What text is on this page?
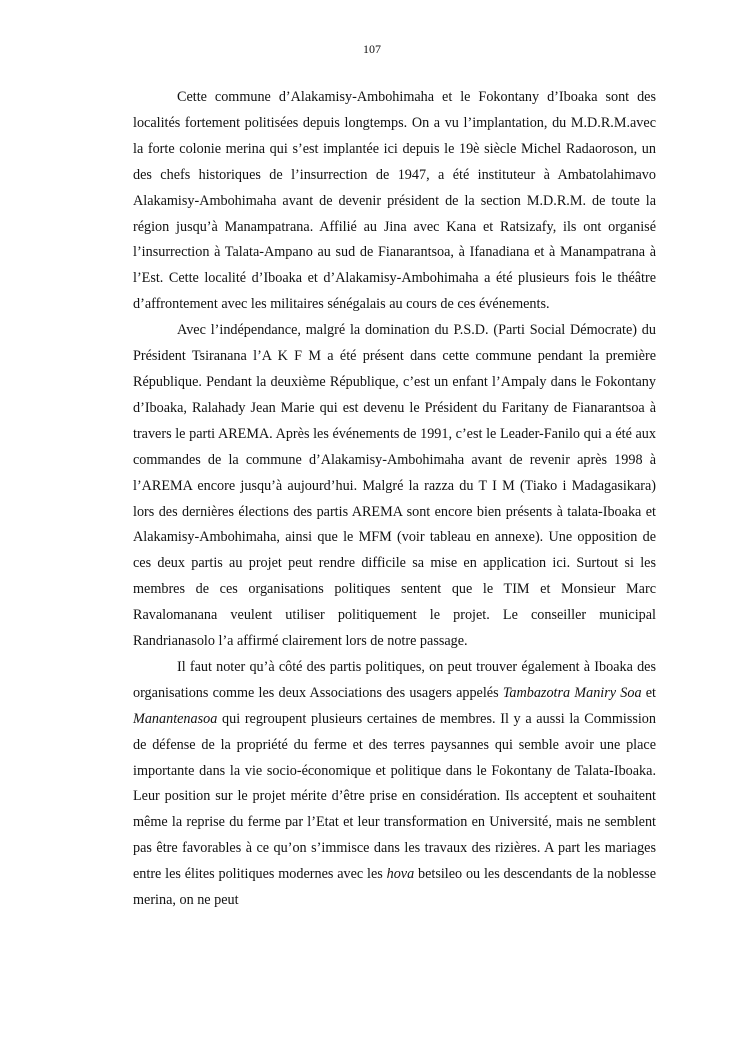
107

Cette commune d’Alakamisy-Ambohimaha et le Fokontany d’Iboaka sont des localités fortement politisées depuis longtemps. On a vu l’implantation, du M.D.R.M.avec la forte colonie merina qui s’est implantée ici depuis le 19è siècle Michel Radaoroson, un des chefs historiques de l’insurrection de 1947, a été instituteur à Ambatolahimavo Alakamisy-Ambohimaha avant de devenir président de la section M.D.R.M. de toute la région jusqu’à Manampatrana. Affilié au Jina avec Kana et Ratsizafy, ils ont organisé l’insurrection à Talata-Ampano au sud de Fianarantsoa, à Ifanadiana et à Manampatrana à l’Est. Cette localité d’Iboaka et d’Alakamisy-Ambohimaha a été plusieurs fois le théâtre d’affrontement avec les militaires sénégalais au cours de ces événements.

Avec l’indépendance, malgré la domination du P.S.D. (Parti Social Démocrate) du Président Tsiranana l’A K F M a été présent dans cette commune pendant la première République. Pendant la deuxième République, c’est un enfant l’Ampaly dans le Fokontany d’Iboaka, Ralahady Jean Marie qui est devenu le Président du Faritany de Fianarantsoa à travers le parti AREMA. Après les événements de 1991, c’est le Leader-Fanilo qui a été aux commandes de la commune d’Alakamisy-Ambohimaha avant de revenir après 1998 à l’AREMA encore jusqu’à aujourd’hui. Malgré la razza du T I M (Tiako i Madagasikara) lors des dernières élections des partis AREMA sont encore bien présents à talata-Iboaka et Alakamisy-Ambohimaha, ainsi que le MFM (voir tableau en annexe). Une opposition de ces deux partis au projet peut rendre difficile sa mise en application ici. Surtout si les membres de ces organisations politiques sentent que le TIM et Monsieur Marc Ravalomanana veulent utiliser politiquement le projet. Le conseiller municipal Randrianasolo l’a affirmé clairement lors de notre passage.

Il faut noter qu’à côté des partis politiques, on peut trouver également à Iboaka des organisations comme les deux Associations des usagers appelés Tambazotra Maniry Soa et Manantenasoa qui regroupent plusieurs certaines de membres. Il y a aussi la Commission de défense de la propriété du ferme et des terres paysannes qui semble avoir une place importante dans la vie socio-économique et politique dans le Fokontany de Talata-Iboaka. Leur position sur le projet mérite d’être prise en considération. Ils acceptent et souhaitent même la reprise du ferme par l’Etat et leur transformation en Université, mais ne semblent pas être favorables à ce qu’on s’immisce dans les travaux des rizières. A part les mariages entre les élites politiques modernes avec les hova betsileo ou les descendants de la noblesse merina, on ne peut
